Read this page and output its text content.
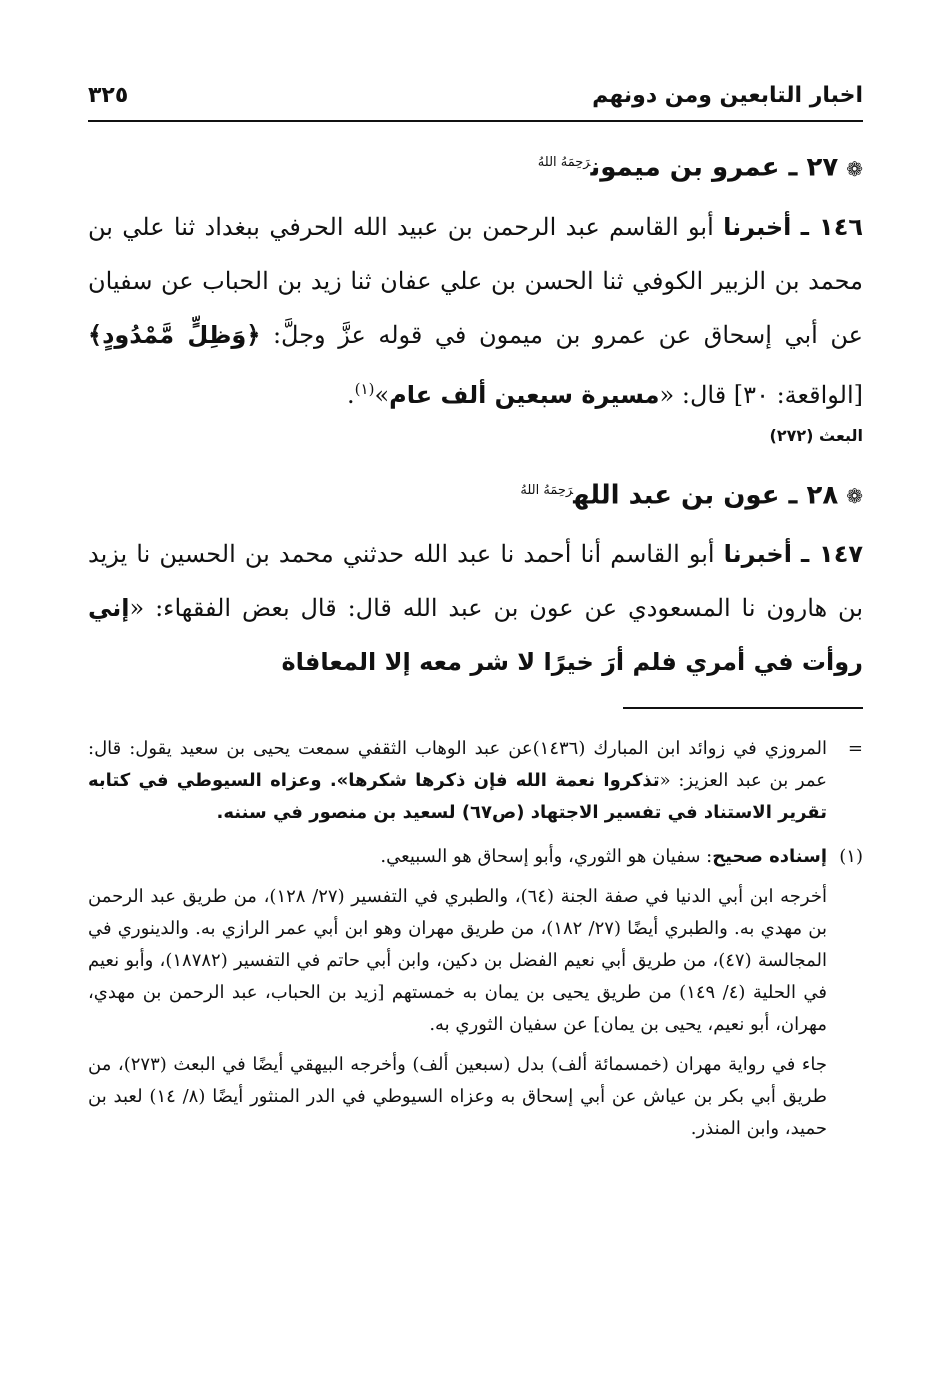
اخبار التابعين ومن دونهم
٣٢٥
❁٢٧ ـ عمرو بن ميمون$^{رَحِمَهُ اللهُ}$

١٤٦ ـ أخبرنا أبو القاسم عبد الرحمن بن عبيد الله الحرفي ببغداد ثنا علي بن محمد بن الزبير الكوفي ثنا الحسن بن علي عفان ثنا زيد بن الحباب عن سفيان عن أبي إسحاق عن عمرو بن ميمون في قوله عزَّ وجلَّ: ﴿وَظِلٍّ مَّمْدُودٍ﴾ [الواقعة: ٣٠] قال: «مسيرة سبعين ألف عام»$^{(١)}$.

البعث (٢٧٢)

❁٢٨ ـ عون بن عبد الله$^{رَحِمَهُ اللهُ}$

١٤٧ ـ أخبرنا أبو القاسم أنا أحمد نا عبد الله حدثني محمد بن الحسين نا يزيد بن هارون نا المسعودي عن عون بن عبد الله قال: قال بعض الفقهاء: «إني روأت في أمري فلم أرَ خيرًا لا شر معه إلا المعافاة

=

المروزي في زوائد ابن المبارك (١٤٣٦)عن عبد الوهاب الثقفي سمعت يحيى بن سعيد يقول: قال: عمر بن عبد العزيز: «تذكروا نعمة الله فإن ذكرها شكرها». وعزاه السيوطي في كتابه تقرير الاستناد في تفسير الاجتهاد (ص٦٧) لسعيد بن منصور في سننه.

(١)

إسناده صحيح: سفيان هو الثوري، وأبو إسحاق هو السبيعي.

أخرجه ابن أبي الدنيا في صفة الجنة (٦٤)، والطبري في التفسير (٢٧/ ١٢٨)، من طريق عبد الرحمن بن مهدي به. والطبري أيضًا (٢٧/ ١٨٢)، من طريق مهران وهو ابن أبي عمر الرازي به. والدينوري في المجالسة (٤٧)، من طريق أبي نعيم الفضل بن دكين، وابن أبي حاتم في التفسير (١٨٧٨٢)، وأبو نعيم في الحلية (٤/ ١٤٩) من طريق يحيى بن يمان به خمستهم [زيد بن الحباب، عبد الرحمن بن مهدي، مهران، أبو نعيم، يحيى بن يمان] عن سفيان الثوري به.

جاء في رواية مهران (خمسمائة ألف) بدل (سبعين ألف) وأخرجه البيهقي أيضًا في البعث (٢٧٣)، من طريق أبي بكر بن عياش عن أبي إسحاق به وعزاه السيوطي في الدر المنثور أيضًا (٨/ ١٤) لعبد بن حميد، وابن المنذر.
